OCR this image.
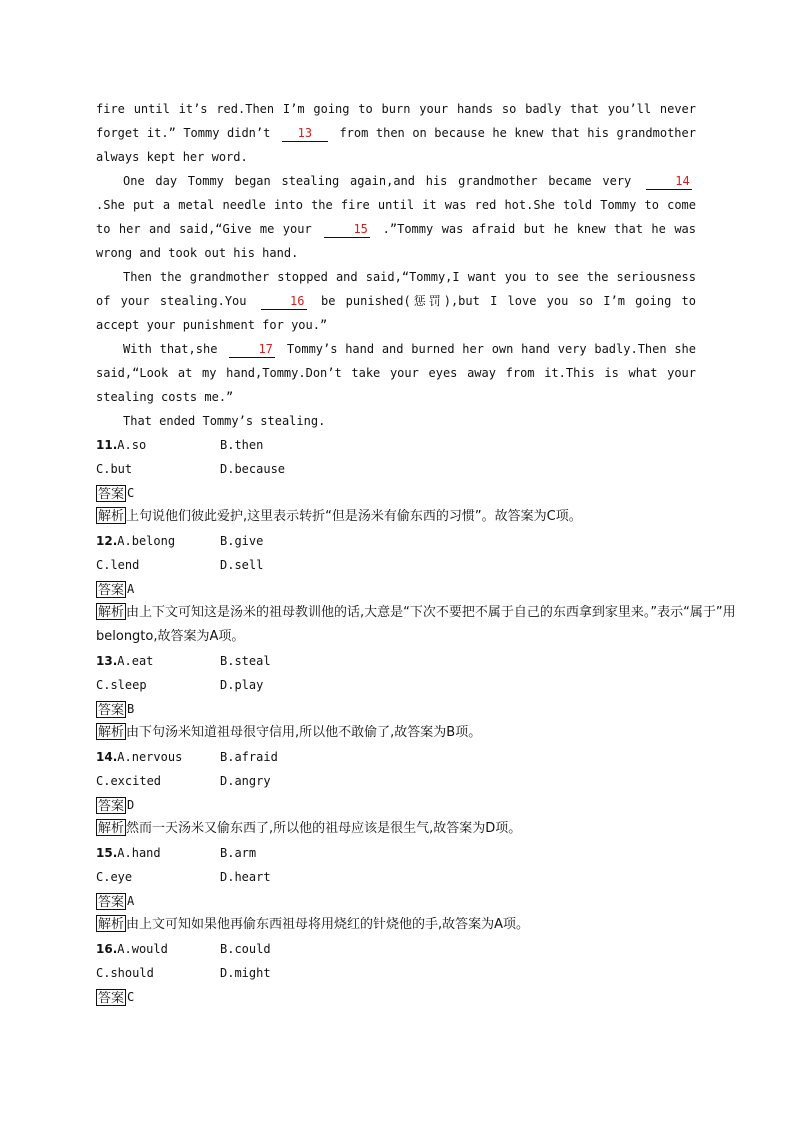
fire until it’s red.Then I’m going to burn your hands so badly that you’ll never forget it.” Tommy didn’t 13 from then on because he knew that his grandmother always kept her word.

One day Tommy began stealing again,and his grandmother became very	14 .She put a metal needle into the fire until it was red hot.She told Tommy to come to her and said,“Give me your	15 .”Tommy was afraid but he knew that he was wrong and took out his hand.

Then the grandmother stopped and said,“Tommy,I want you to see the seriousness of your stealing.You	16 be punished(惩罚),but I love you so I’m going to accept your punishment for you.”

With that,she	17 Tommy’s hand and burned her own hand very badly.Then she said,“Look at my hand,Tommy.Don’t take your eyes away from it.This is what your stealing costs me.”

That ended Tommy’s stealing.

11.A.so	B.then
C.but	D.because
答案 C
解析 上句说他们彼此爱护,这里表示转折“但是汤米有偷东西的习惯”。故答案为C项。
12.A.belong	B.give
C.lend	D.sell
答案 A
解析 由上下文可知这是汤米的祖母教训他的话,大意是“下次不要把不属于自己的东西拿到家里来。”表示“属于”用belongto,故答案为A项。
13.A.eat	B.steal
C.sleep	D.play
答案 B
解析 由下句汤米知道祖母很守信用,所以他不敢偷了,故答案为B项。
14.A.nervous	B.afraid
C.excited	D.angry
答案 D
解析 然而一天汤米又偷东西了,所以他的祖母应该是很生气,故答案为D项。
15.A.hand	B.arm
C.eye	D.heart
答案 A
解析 由上文可知如果他再偷东西祖母将用烧红的针烧他的手,故答案为A项。
16.A.would	B.could
C.should	D.might
答案 C
